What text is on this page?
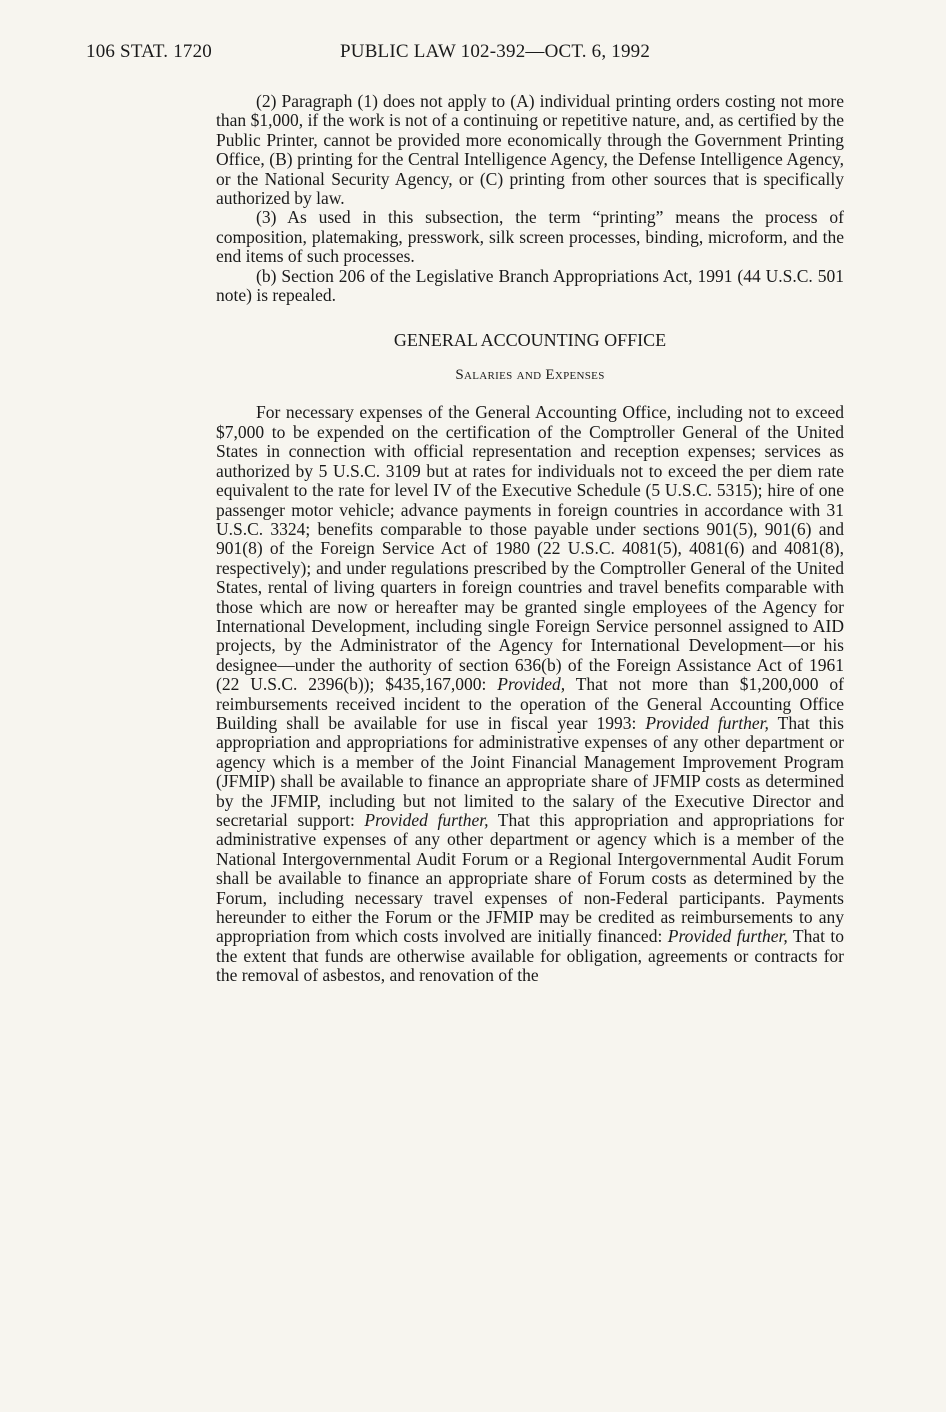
106 STAT. 1720	PUBLIC LAW 102-392—OCT. 6, 1992

(2) Paragraph (1) does not apply to (A) individual printing orders costing not more than $1,000, if the work is not of a continuing or repetitive nature, and, as certified by the Public Printer, cannot be provided more economically through the Government Printing Office, (B) printing for the Central Intelligence Agency, the Defense Intelligence Agency, or the National Security Agency, or (C) printing from other sources that is specifically authorized by law.

(3) As used in this subsection, the term “printing” means the process of composition, platemaking, presswork, silk screen processes, binding, microform, and the end items of such processes.

(b) Section 206 of the Legislative Branch Appropriations Act, 1991 (44 U.S.C. 501 note) is repealed.

GENERAL ACCOUNTING OFFICE

Salaries and Expenses

For necessary expenses of the General Accounting Office, including not to exceed $7,000 to be expended on the certification of the Comptroller General of the United States in connection with official representation and reception expenses; services as authorized by 5 U.S.C. 3109 but at rates for individuals not to exceed the per diem rate equivalent to the rate for level IV of the Executive Schedule (5 U.S.C. 5315); hire of one passenger motor vehicle; advance payments in foreign countries in accordance with 31 U.S.C. 3324; benefits comparable to those payable under sections 901(5), 901(6) and 901(8) of the Foreign Service Act of 1980 (22 U.S.C. 4081(5), 4081(6) and 4081(8), respectively); and under regulations prescribed by the Comptroller General of the United States, rental of living quarters in foreign countries and travel benefits comparable with those which are now or hereafter may be granted single employees of the Agency for International Development, including single Foreign Service personnel assigned to AID projects, by the Administrator of the Agency for International Development—or his designee—under the authority of section 636(b) of the Foreign Assistance Act of 1961 (22 U.S.C. 2396(b)); $435,167,000: Provided, That not more than $1,200,000 of reimbursements received incident to the operation of the General Accounting Office Building shall be available for use in fiscal year 1993: Provided further, That this appropriation and appropriations for administrative expenses of any other department or agency which is a member of the Joint Financial Management Improvement Program (JFMIP) shall be available to finance an appropriate share of JFMIP costs as determined by the JFMIP, including but not limited to the salary of the Executive Director and secretarial support: Provided further, That this appropriation and appropriations for administrative expenses of any other department or agency which is a member of the National Intergovernmental Audit Forum or a Regional Intergovernmental Audit Forum shall be available to finance an appropriate share of Forum costs as determined by the Forum, including necessary travel expenses of non-Federal participants. Payments hereunder to either the Forum or the JFMIP may be credited as reimbursements to any appropriation from which costs involved are initially financed: Provided further, That to the extent that funds are otherwise available for obligation, agreements or contracts for the removal of asbestos, and renovation of the
